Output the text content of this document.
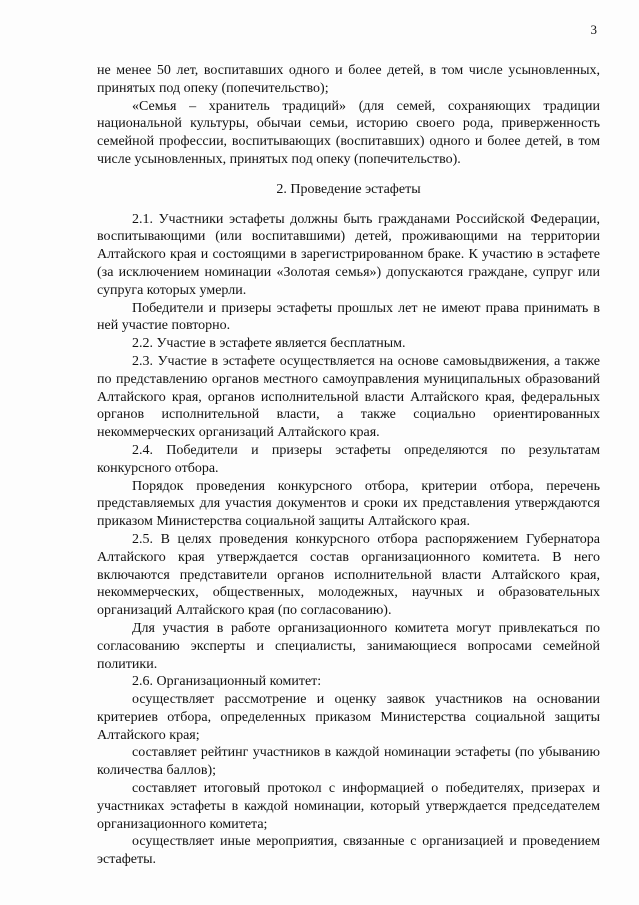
3

не менее 50 лет, воспитавших одного и более детей, в том числе усыновленных, принятых под опеку (попечительство);

«Семья – хранитель традиций» (для семей, сохраняющих традиции национальной культуры, обычаи семьи, историю своего рода, приверженность семейной профессии, воспитывающих (воспитавших) одного и более детей, в том числе усыновленных, принятых под опеку (попечительство).

2. Проведение эстафеты

2.1. Участники эстафеты должны быть гражданами Российской Федерации, воспитывающими (или воспитавшими) детей, проживающими на территории Алтайского края и состоящими в зарегистрированном браке. К участию в эстафете (за исключением номинации «Золотая семья») допускаются граждане, супруг или супруга которых умерли.

Победители и призеры эстафеты прошлых лет не имеют права принимать в ней участие повторно.

2.2. Участие в эстафете является бесплатным.

2.3. Участие в эстафете осуществляется на основе самовыдвижения, а также по представлению органов местного самоуправления муниципальных образований Алтайского края, органов исполнительной власти Алтайского края, федеральных органов исполнительной власти, а также социально ориентированных некоммерческих организаций Алтайского края.

2.4. Победители и призеры эстафеты определяются по результатам конкурсного отбора.

Порядок проведения конкурсного отбора, критерии отбора, перечень представляемых для участия документов и сроки их представления утверждаются приказом Министерства социальной защиты Алтайского края.

2.5. В целях проведения конкурсного отбора распоряжением Губернатора Алтайского края утверждается состав организационного комитета. В него включаются представители органов исполнительной власти Алтайского края, некоммерческих, общественных, молодежных, научных и образовательных организаций Алтайского края (по согласованию).

Для участия в работе организационного комитета могут привлекаться по согласованию эксперты и специалисты, занимающиеся вопросами семейной политики.

2.6. Организационный комитет:

осуществляет рассмотрение и оценку заявок участников на основании критериев отбора, определенных приказом Министерства социальной защиты Алтайского края;

составляет рейтинг участников в каждой номинации эстафеты (по убыванию количества баллов);

составляет итоговый протокол с информацией о победителях, призерах и участниках эстафеты в каждой номинации, который утверждается председателем организационного комитета;

осуществляет иные мероприятия, связанные с организацией и проведением эстафеты.
